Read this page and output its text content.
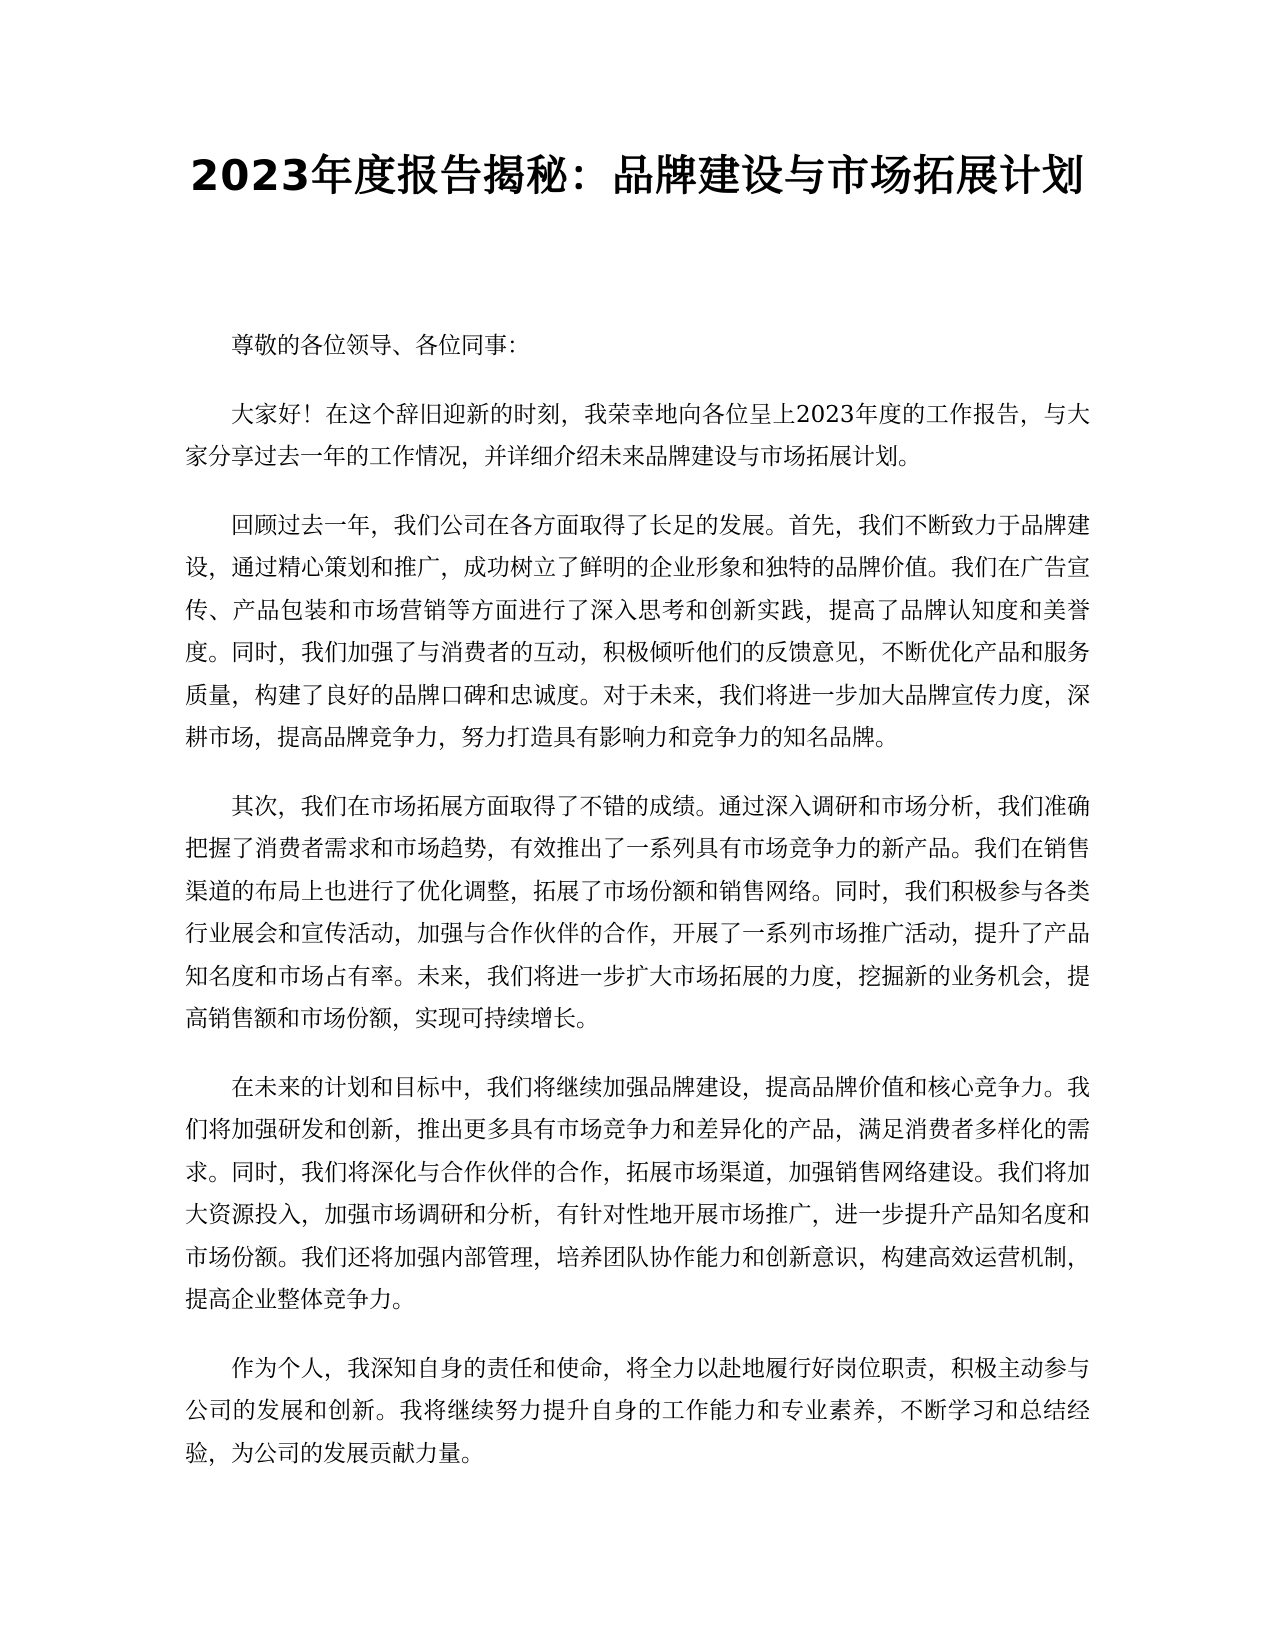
2023年度报告揭秘：品牌建设与市场拓展计划

尊敬的各位领导、各位同事：

大家好！在这个辞旧迎新的时刻，我荣幸地向各位呈上2023年度的工作报告，与大家分享过去一年的工作情况，并详细介绍未来品牌建设与市场拓展计划。

回顾过去一年，我们公司在各方面取得了长足的发展。首先，我们不断致力于品牌建设，通过精心策划和推广，成功树立了鲜明的企业形象和独特的品牌价值。我们在广告宣传、产品包装和市场营销等方面进行了深入思考和创新实践，提高了品牌认知度和美誉度。同时，我们加强了与消费者的互动，积极倾听他们的反馈意见，不断优化产品和服务质量，构建了良好的品牌口碑和忠诚度。对于未来，我们将进一步加大品牌宣传力度，深耕市场，提高品牌竞争力，努力打造具有影响力和竞争力的知名品牌。

其次，我们在市场拓展方面取得了不错的成绩。通过深入调研和市场分析，我们准确把握了消费者需求和市场趋势，有效推出了一系列具有市场竞争力的新产品。我们在销售渠道的布局上也进行了优化调整，拓展了市场份额和销售网络。同时，我们积极参与各类行业展会和宣传活动，加强与合作伙伴的合作，开展了一系列市场推广活动，提升了产品知名度和市场占有率。未来，我们将进一步扩大市场拓展的力度，挖掘新的业务机会，提高销售额和市场份额，实现可持续增长。

在未来的计划和目标中，我们将继续加强品牌建设，提高品牌价值和核心竞争力。我们将加强研发和创新，推出更多具有市场竞争力和差异化的产品，满足消费者多样化的需求。同时，我们将深化与合作伙伴的合作，拓展市场渠道，加强销售网络建设。我们将加大资源投入，加强市场调研和分析，有针对性地开展市场推广，进一步提升产品知名度和市场份额。我们还将加强内部管理，培养团队协作能力和创新意识，构建高效运营机制，提高企业整体竞争力。

作为个人，我深知自身的责任和使命，将全力以赴地履行好岗位职责，积极主动参与公司的发展和创新。我将继续努力提升自身的工作能力和专业素养，不断学习和总结经验，为公司的发展贡献力量。
